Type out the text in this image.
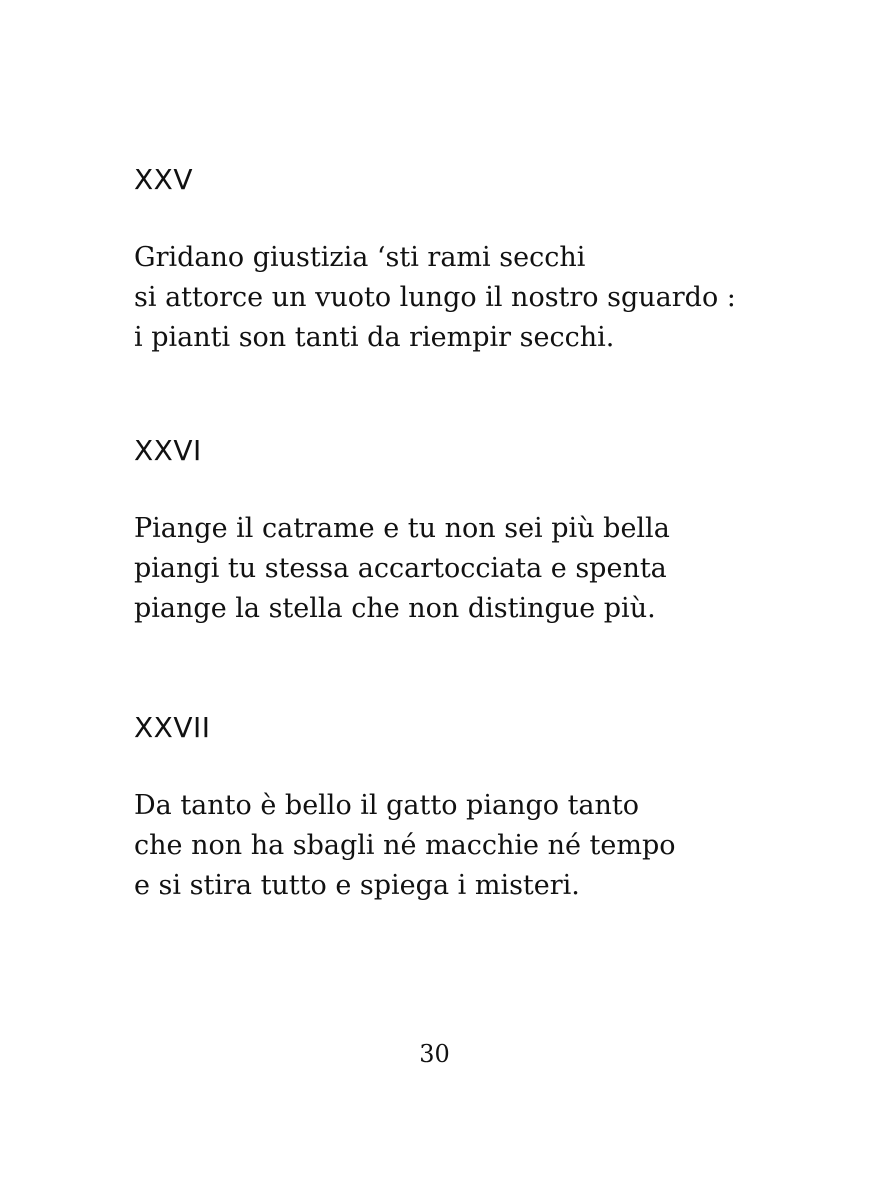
XXV

Gridano giustizia ‘sti rami secchi

si attorce un vuoto lungo il nostro sguardo :

i pianti son tanti da riempir secchi.

XXVI

Piange il catrame e tu non sei più bella

piangi tu stessa accartocciata e spenta

piange la stella che non distingue più.

XXVII

Da tanto è bello il gatto piango tanto

che non ha sbagli né macchie né tempo

e si stira tutto e spiega i misteri.

30
